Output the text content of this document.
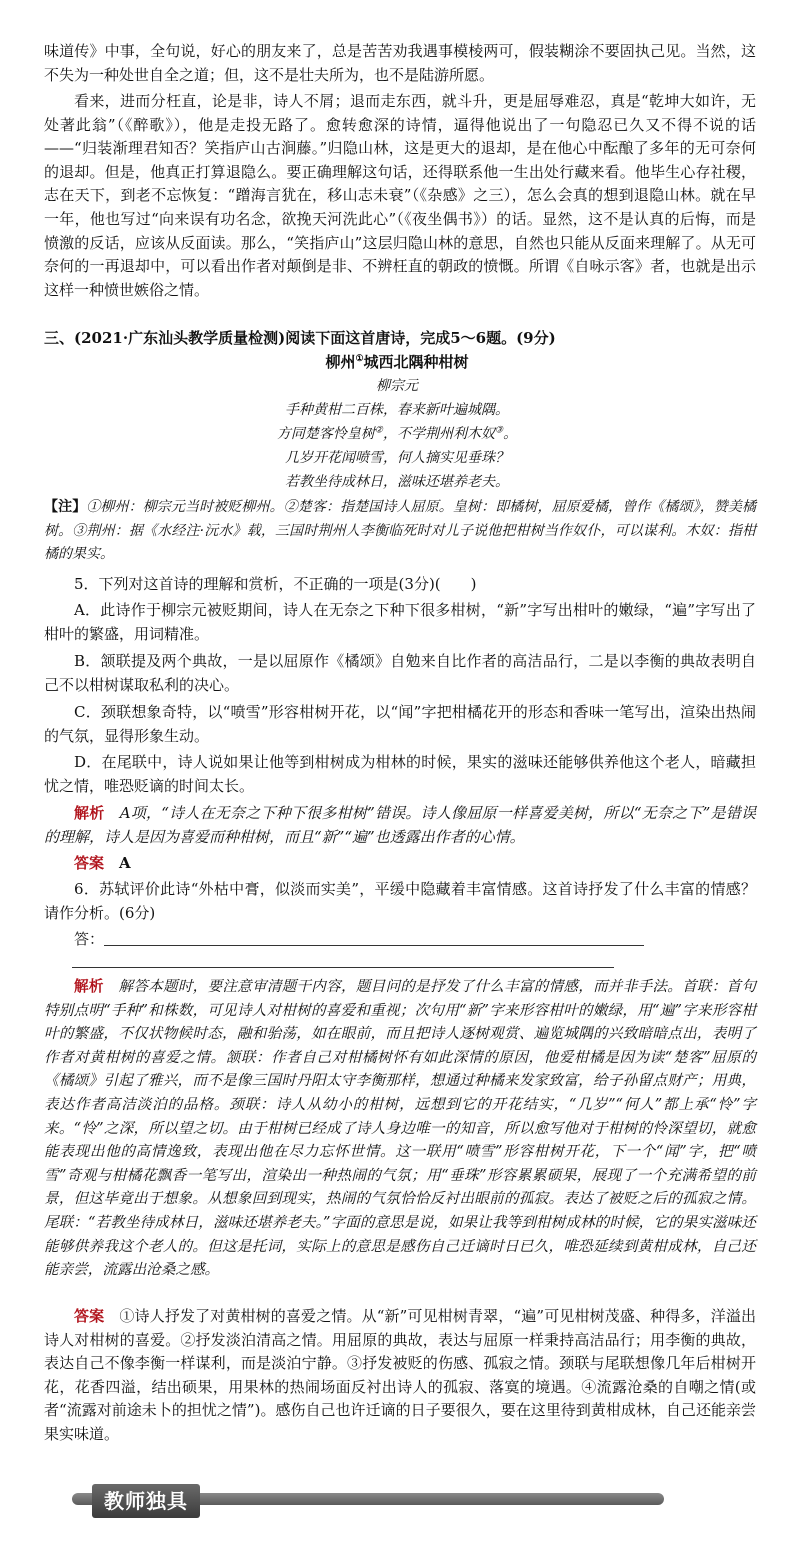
味道传》中事，全句说，好心的朋友来了，总是苦苦劝我遇事模棱两可，假装糊涂不要固执己见。当然，这不失为一种处世自全之道；但，这不是壮夫所为，也不是陆游所愿。

看来，进而分枉直，论是非，诗人不屑；退而走东西，就斗升，更是屈辱难忍，真是“乾坤大如许，无处著此翁”（《醉歌》），他是走投无路了。愈转愈深的诗情，逼得他说出了一句隐忍已久又不得不说的话——“归装渐理君知否？笑指庐山古涧藤。”归隐山林，这是更大的退却，是在他心中酝酿了多年的无可奈何的退却。但是，他真正打算退隐么。要正确理解这句话，还得联系他一生出处行藏来看。他毕生心存社稷，志在天下，到老不忘恢复：“蹭海言犹在，移山志未衰”（《杂感》之三），怎么会真的想到退隐山林。就在早一年，他也写过“向来误有功名念，欲挽天河洗此心”（《夜坐偶书》）的话。显然，这不是认真的后悔，而是愤激的反话，应该从反面读。那么，“笑指庐山”这层归隐山林的意思，自然也只能从反面来理解了。从无可奈何的一再退却中，可以看出作者对颠倒是非、不辨枉直的朝政的愤慨。所谓《自咏示客》者，也就是出示这样一种愤世嫉俗之情。

三、(2021·广东汕头教学质量检测)阅读下面这首唐诗，完成5～6题。(9分)

柳州①城西北隅种柑树

柳宗元

手种黄柑二百株，春来新叶遍城隅。

方同楚客怜皇树②，不学荆州利木奴③。

几岁开花闻喷雪，何人摘实见垂珠？

若教坐待成林日，滋味还堪养老夫。

【注】①柳州：柳宗元当时被贬柳州。②楚客：指楚国诗人屈原。皇树：即橘树，屈原爱橘，曾作《橘颂》，赞美橘树。③荆州：据《水经注·沅水》载，三国时荆州人李衡临死时对儿子说他把柑树当作奴仆，可以谋利。木奴：指柑橘的果实。

5．下列对这首诗的理解和赏析，不正确的一项是(3分)(　　)

A．此诗作于柳宗元被贬期间，诗人在无奈之下种下很多柑树，“新”字写出柑叶的嫩绿，“遍”字写出了柑叶的繁盛，用词精准。

B．颔联提及两个典故，一是以屈原作《橘颂》自勉来自比作者的高洁品行，二是以李衡的典故表明自己不以柑树谋取私利的决心。

C．颈联想象奇特，以“喷雪”形容柑树开花，以“闻”字把柑橘花开的形态和香味一笔写出，渲染出热闹的气氛，显得形象生动。

D．在尾联中，诗人说如果让他等到柑树成为柑林的时候，果实的滋味还能够供养他这个老人，暗藏担忧之情，唯恐贬谪的时间太长。

解析　 A项，“诗人在无奈之下种下很多柑树”错误。诗人像屈原一样喜爱美树，所以“无奈之下”是错误的理解，诗人是因为喜爱而种柑树，而且“新”“遍”也透露出作者的心情。

答案　 A

6．苏轼评价此诗“外枯中膏，似淡而实美”，平缓中隐藏着丰富情感。这首诗抒发了什么丰富的情感？请作分析。(6分)

答：

解析　 解答本题时，要注意审清题干内容，题目问的是抒发了什么丰富的情感，而并非手法。首联：首句特别点明“手种”和株数，可见诗人对柑树的喜爱和重视；次句用“新”字来形容柑叶的嫩绿，用“遍”字来形容柑叶的繁盛，不仅状物候时态，融和骀荡，如在眼前，而且把诗人逐树观赏、遍览城隅的兴致暗暗点出，表明了作者对黄柑树的喜爱之情。颔联：作者自己对柑橘树怀有如此深情的原因，他爱柑橘是因为读“楚客”屈原的《橘颂》引起了雅兴，而不是像三国时丹阳太守李衡那样，想通过种橘来发家致富，给子孙留点财产；用典，表达作者高洁淡泊的品格。颈联：诗人从幼小的柑树，远想到它的开花结实，“几岁”“何人”都上承“怜”字来。“怜”之深，所以望之切。由于柑树已经成了诗人身边唯一的知音，所以愈写他对于柑树的怜深望切，就愈能表现出他的高情逸致，表现出他在尽力忘怀世情。这一联用“喷雪”形容柑树开花，下一个“闻”字，把“喷雪”奇观与柑橘花飘香一笔写出，渲染出一种热闹的气氛；用“垂珠”形容累累硕果，展现了一个充满希望的前景，但这毕竟出于想象。从想象回到现实，热闹的气氛恰恰反衬出眼前的孤寂。表达了被贬之后的孤寂之情。尾联：“若教坐待成林日，滋味还堪养老夫。”字面的意思是说，如果让我等到柑树成林的时候，它的果实滋味还能够供养我这个老人的。但这是托词，实际上的意思是感伤自己迁谪时日已久，唯恐延续到黄柑成林，自己还能亲尝，流露出沧桑之感。

答案　 ①诗人抒发了对黄柑树的喜爱之情。从“新”可见柑树青翠，“遍”可见柑树茂盛、种得多，洋溢出诗人对柑树的喜爱。②抒发淡泊清高之情。用屈原的典故，表达与屈原一样秉持高洁品行；用李衡的典故，表达自己不像李衡一样谋利，而是淡泊宁静。③抒发被贬的伤感、孤寂之情。颈联与尾联想像几年后柑树开花，花香四溢，结出硕果，用果林的热闹场面反衬出诗人的孤寂、落寞的境遇。④流露沧桑的自嘲之情(或者“流露对前途未卜的担忧之情”)。感伤自己也许迁谪的日子要很久，要在这里待到黄柑成林，自己还能亲尝果实味道。

教师独具
